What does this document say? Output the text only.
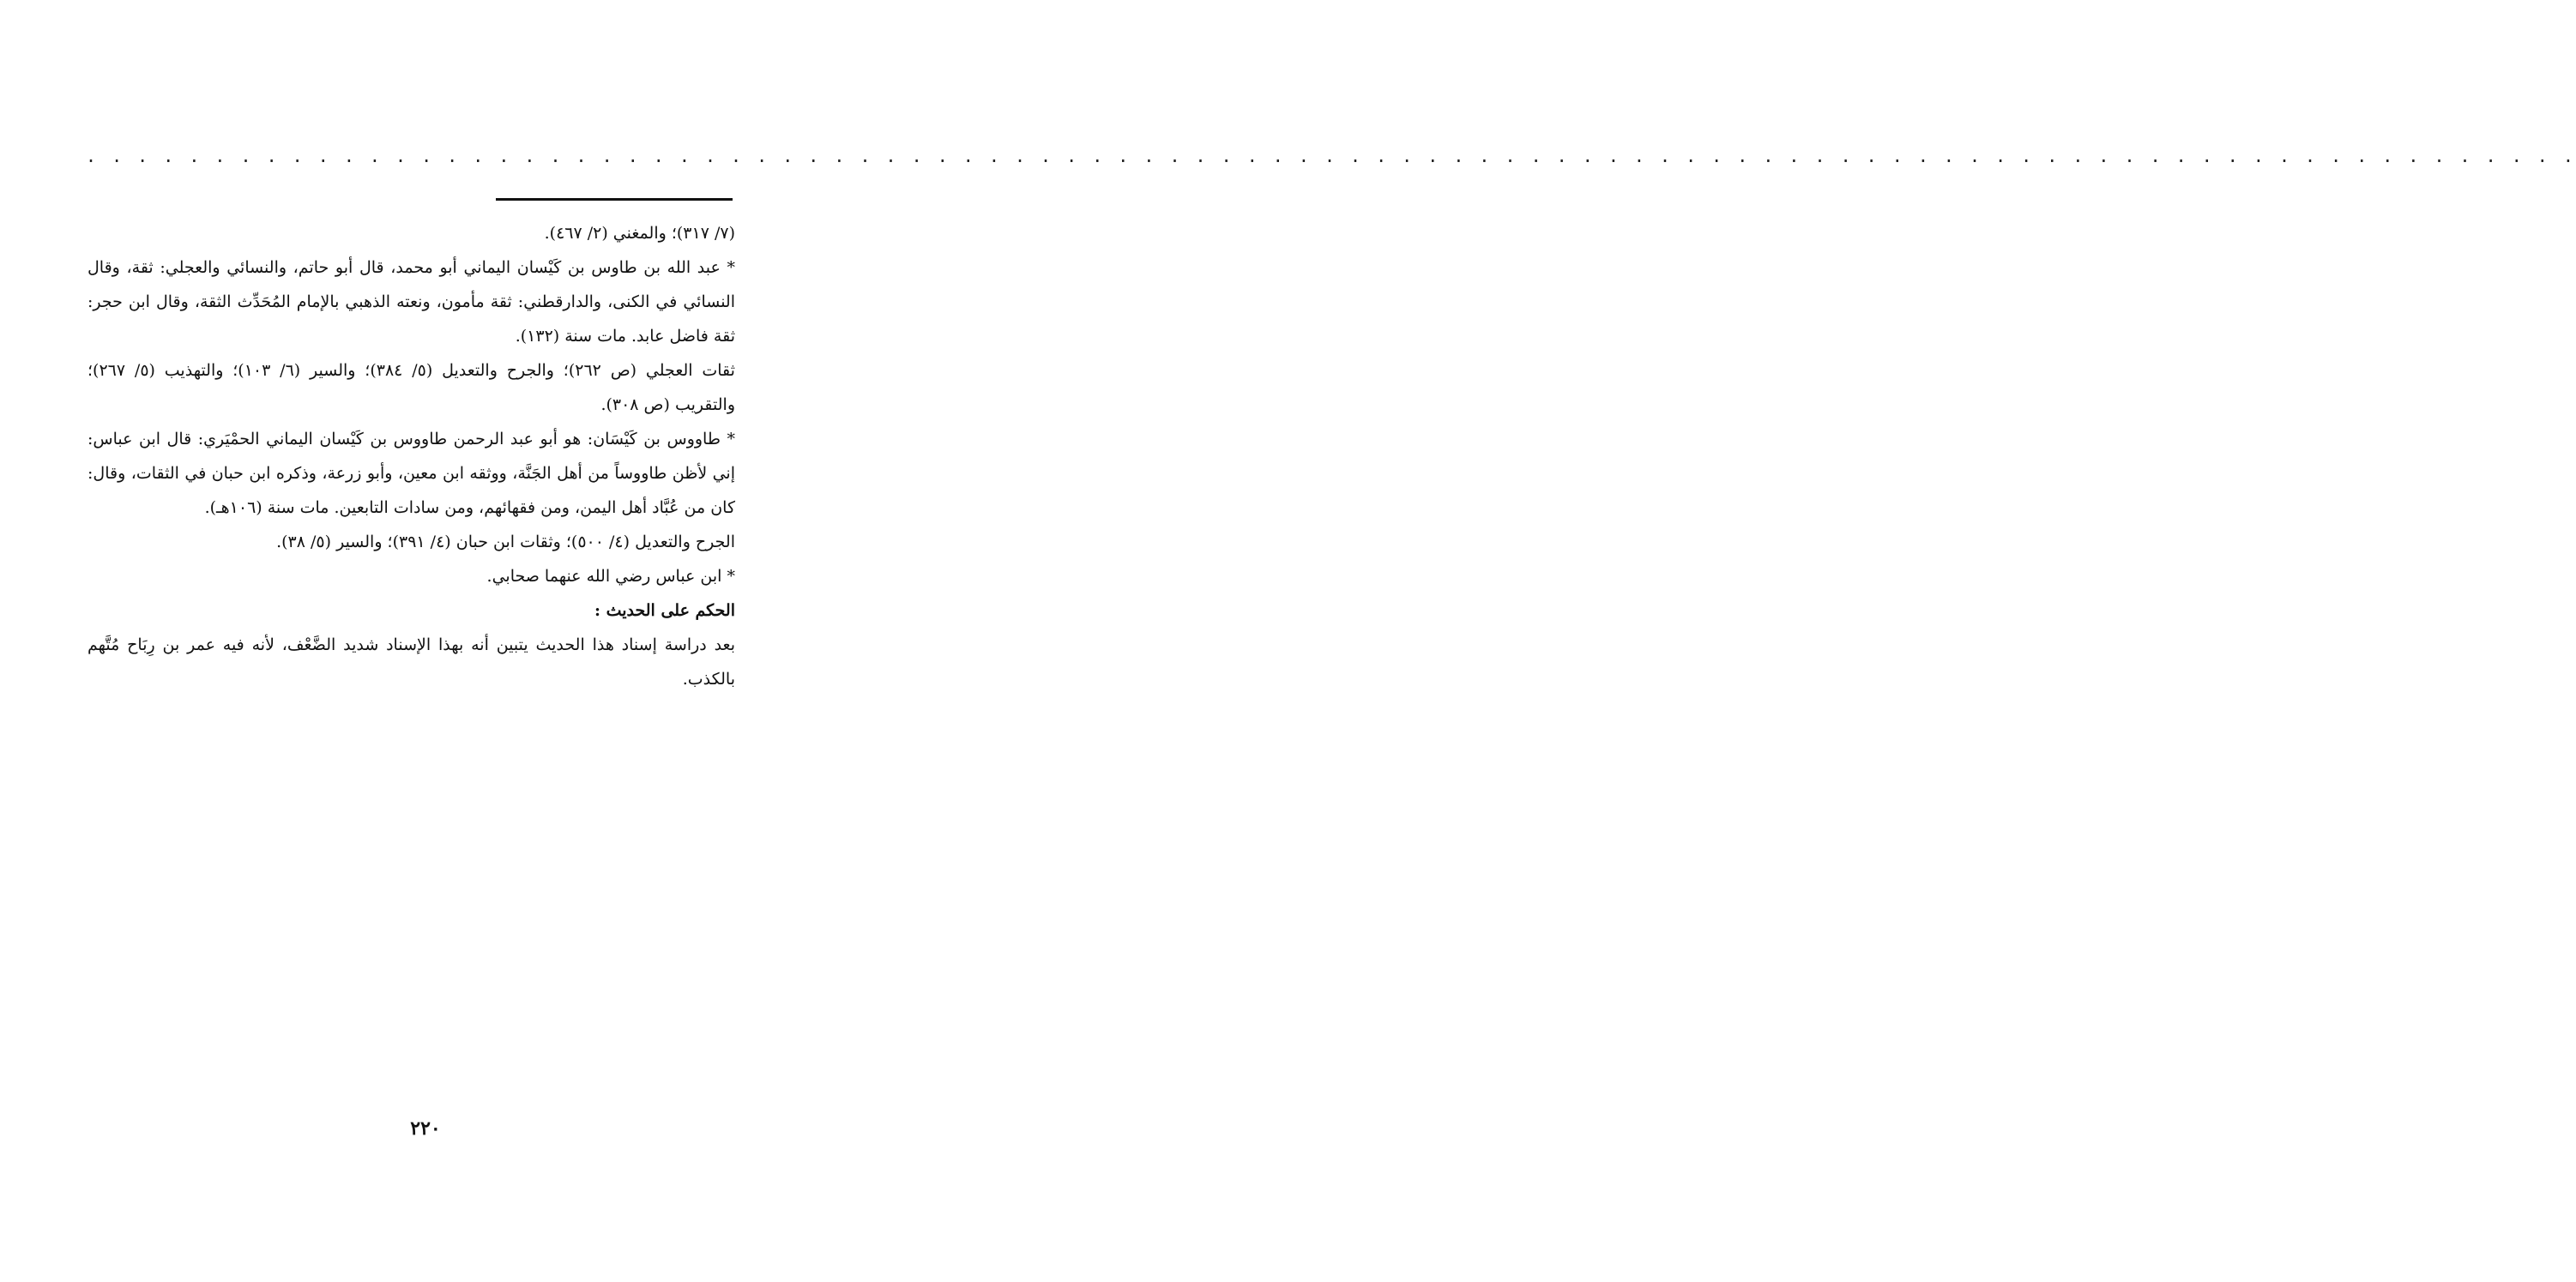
. . . . . . . . . . . . . . . . . . . . . . . . . . . . . . . . . . . . . . . . . . . . . . . . . . . . . . . . . . . . . . . . . . . . . . . . . . . . . . . . . . . . . . . . . . . . . . . . .

(٧/ ٣١٧)؛ والمغني (٢/ ٤٦٧).

* عبد الله بن طاوس بن كَيْسان اليماني أبو محمد، قال أبو حاتم، والنسائي والعجلي: ثقة، وقال النسائي في الكنى، والدارقطني: ثقة مأمون، ونعته الذهبي بالإمام المُحَدِّث الثقة، وقال ابن حجر: ثقة فاضل عابد. مات سنة (١٣٢).

ثقات العجلي (ص ٢٦٢)؛ والجرح والتعديل (٥/ ٣٨٤)؛ والسير (٦/ ١٠٣)؛ والتهذيب (٥/ ٢٦٧)؛ والتقريب (ص ٣٠٨).

* طاووس بن كَيْسَان: هو أبو عبد الرحمن طاووس بن كَيْسان اليماني الحمْيَري: قال ابن عباس: إني لأظن طاووساً من أهل الجَنَّة، ووثقه ابن معين، وأبو زرعة، وذكره ابن حبان في الثقات، وقال: كان من عُبَّاد أهل اليمن، ومن فقهائهم، ومن سادات التابعين. مات سنة (١٠٦هـ).

الجرح والتعديل (٤/ ٥٠٠)؛ وثقات ابن حبان (٤/ ٣٩١)؛ والسير (٥/ ٣٨).

* ابن عباس رضي الله عنهما صحابي.

الحكم على الحديث :

بعد دراسة إسناد هذا الحديث يتبين أنه بهذا الإسناد شديد الضَّعْف، لأنه فيه عمر بن رِبَاح مُتَّهم بالكذب.

٢٢٠
